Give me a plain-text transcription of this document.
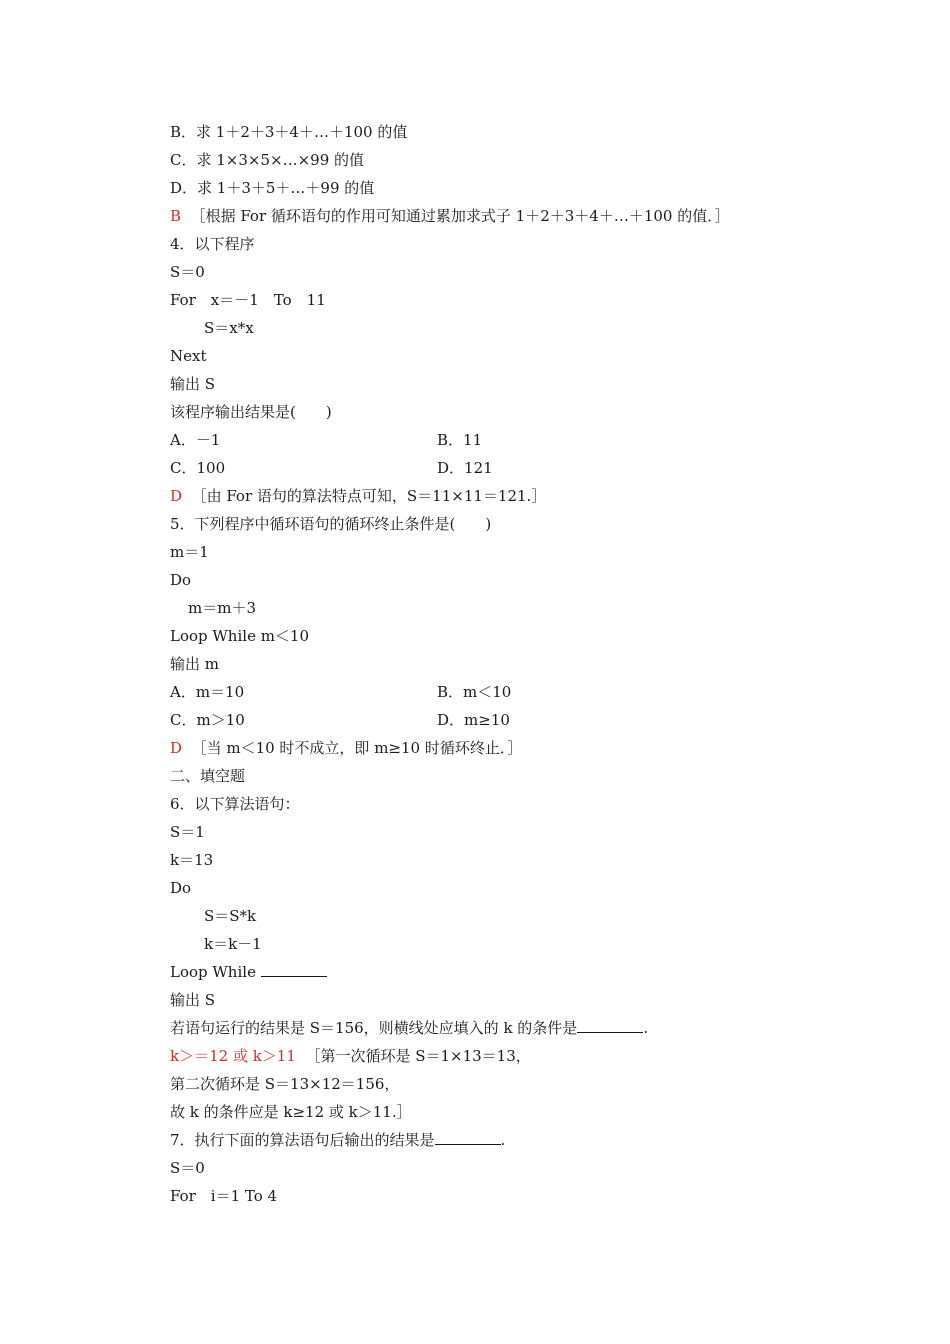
B．求 1＋2＋3＋4＋…＋100 的值

C．求 1×3×5×…×99 的值

D．求 1＋3＋5＋…＋99 的值

B ［根据 For 循环语句的作用可知通过累加求式子 1＋2＋3＋4＋…＋100 的值．］

4．以下程序

S＝0

For　x＝－1　To　11

S＝x*x

Next

输出 S

该程序输出结果是(　　)

A．－1	B．11

C．100	D．121

D ［由 For 语句的算法特点可知，S＝11×11＝121.］

5．下列程序中循环语句的循环终止条件是(　　)

m＝1

Do

m＝m＋3

Loop While m＜10

输出 m

A．m＝10	B．m＜10

C．m＞10	D．m≥10

D ［当 m＜10 时不成立，即 m≥10 时循环终止．］

二、填空题

6．以下算法语句：

S＝1

k＝13

Do

S＝S*k

k＝k－1

Loop While

输出 S

若语句运行的结果是 S＝156，则横线处应填入的 k 的条件是	.

k＞＝12 或 k＞11 ［第一次循环是 S＝1×13＝13，

第二次循环是 S＝13×12＝156，

故 k 的条件应是 k≥12 或 k＞11.］

7．执行下面的算法语句后输出的结果是	.

S＝0

For　i＝1 To 4
